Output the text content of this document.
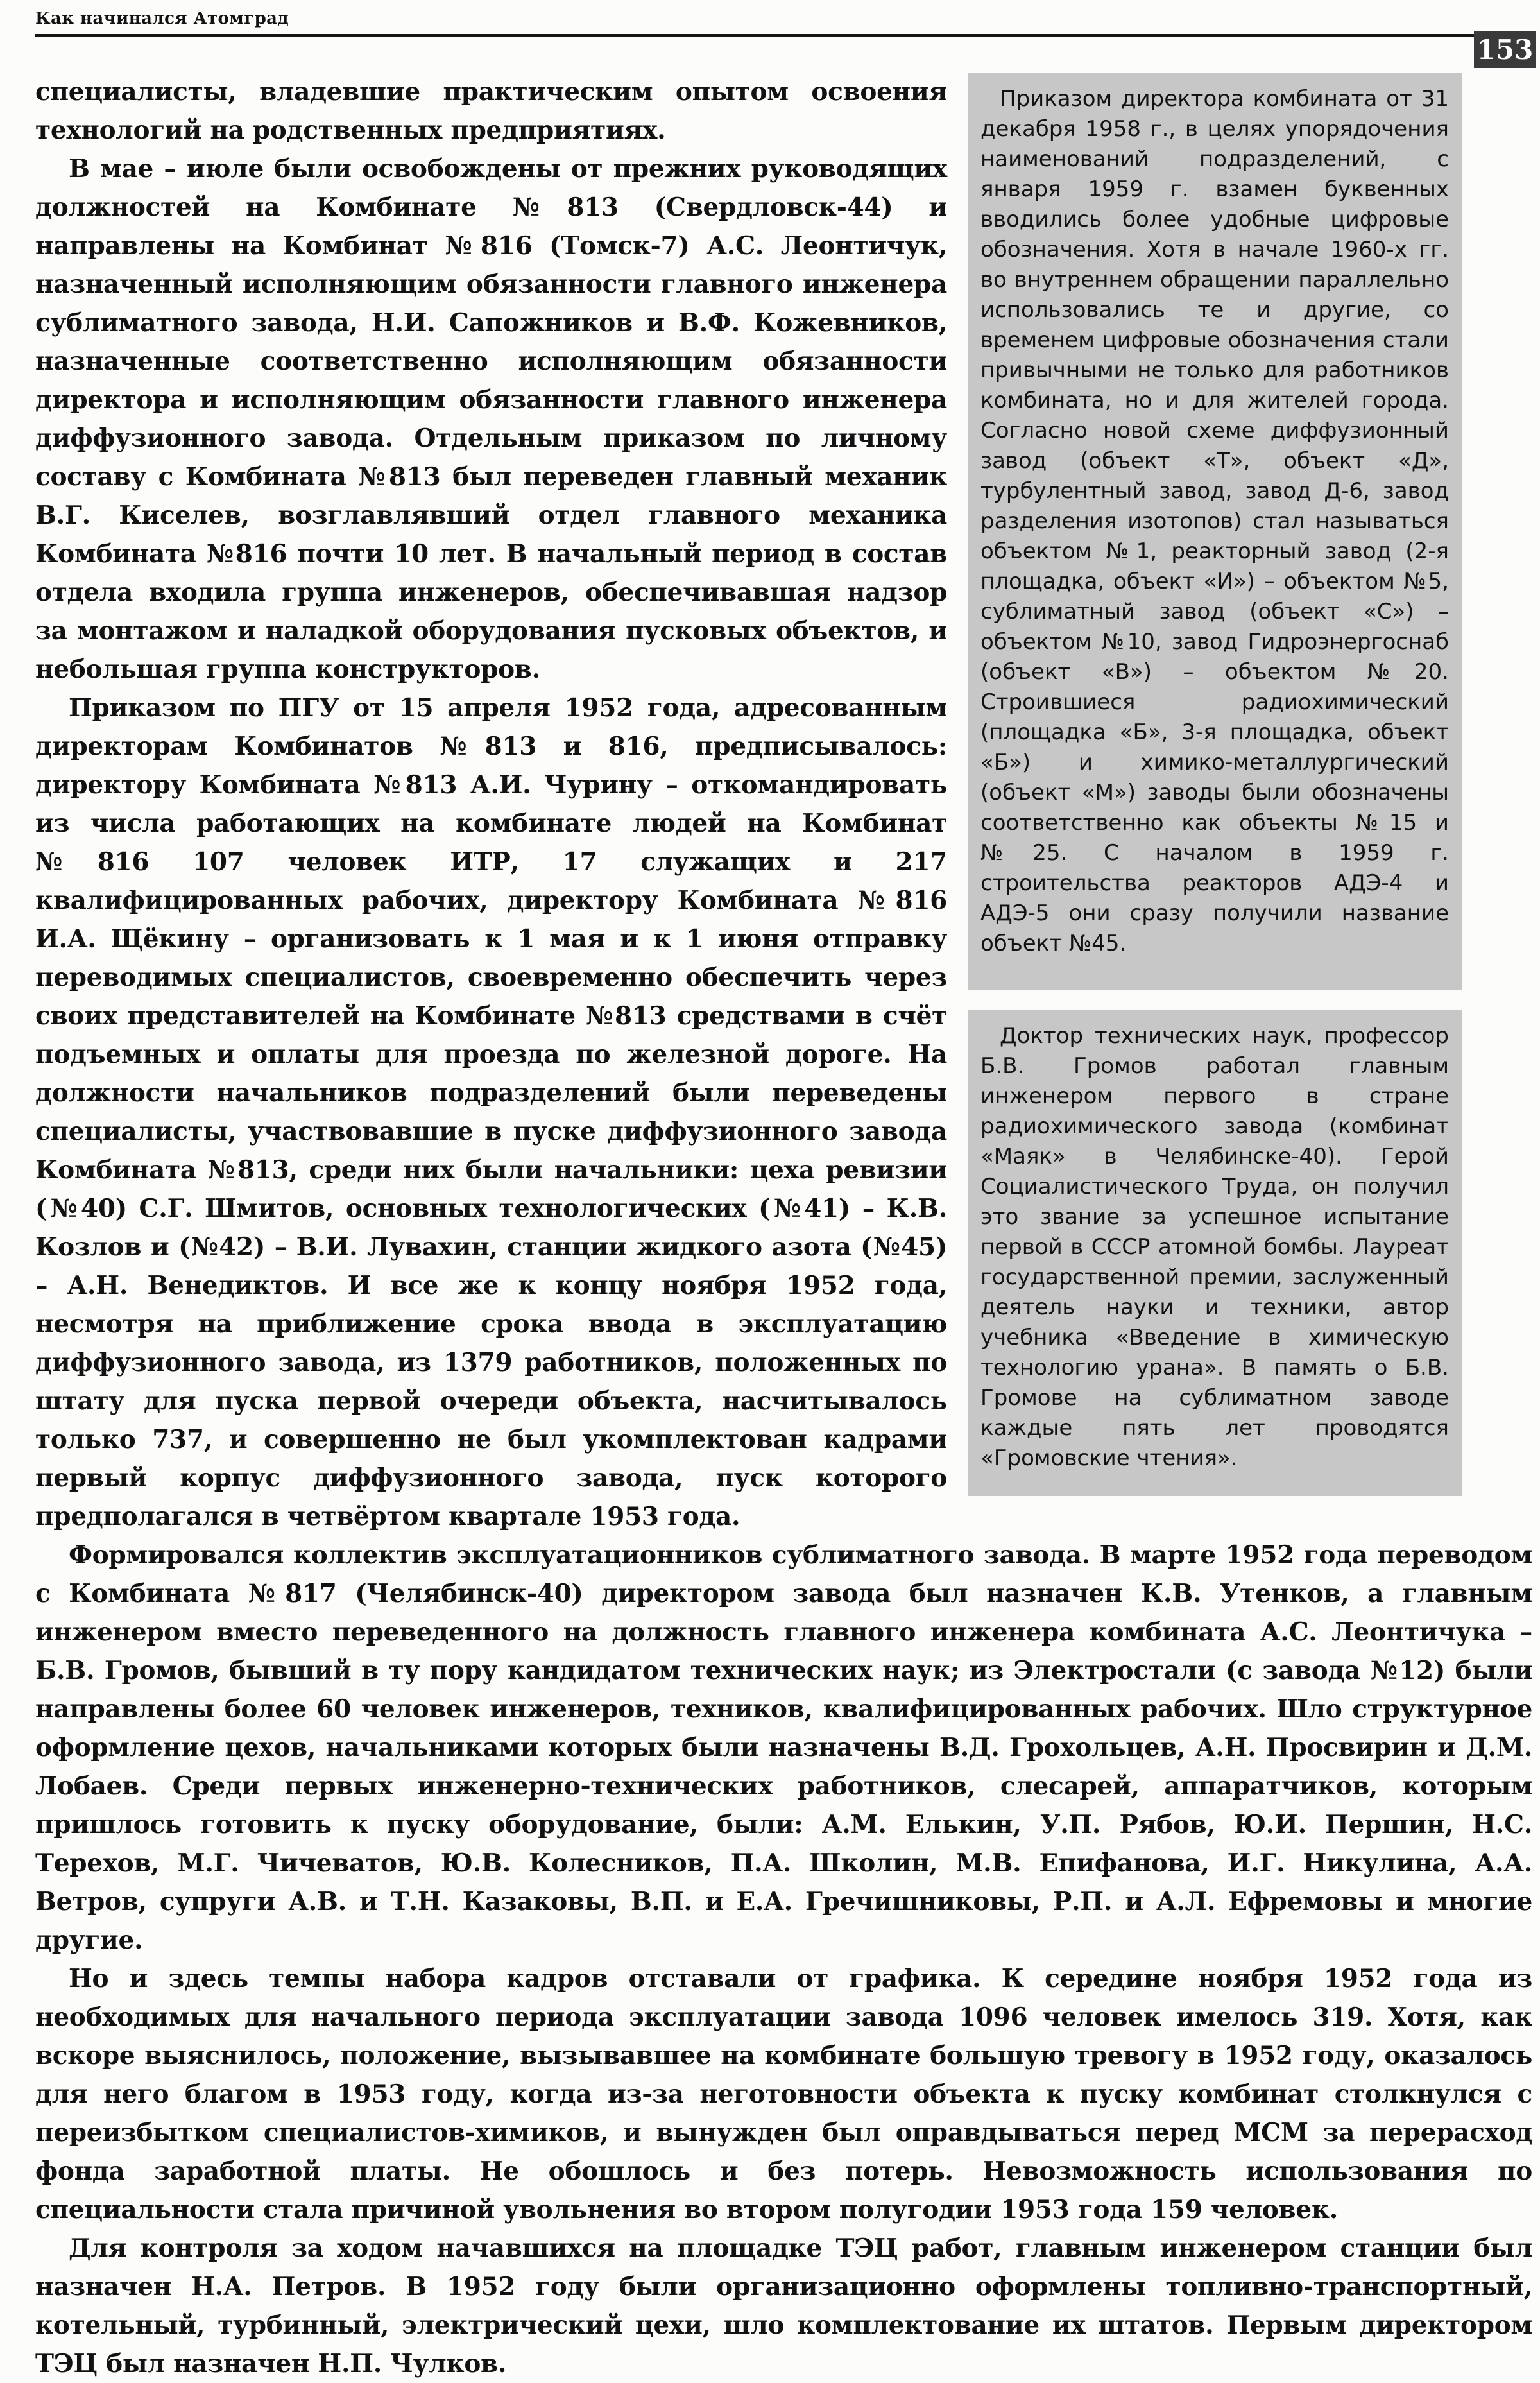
Как начинался Атомград
153

Приказом директора комбината от 31 декабря 1958 г., в целях упорядочения наименований подразделений, с января 1959 г. взамен буквенных вводились более удобные цифровые обозначения. Хотя в начале 1960-х гг. во внутреннем обращении параллельно использовались те и другие, со временем цифровые обозначения стали привычными не только для работников комбината, но и для жителей города. Согласно новой схеме диффузионный завод (объект «Т», объект «Д», турбулентный завод, завод Д-6, завод разделения изотопов) стал называться объектом №1, реакторный завод (2-я площадка, объект «И») – объектом №5, сублиматный завод (объект «С») – объектом №10, завод Гидроэнергоснаб (объект «В») – объектом №20. Строившиеся радиохимический (площадка «Б», 3-я площадка, объект «Б») и химико-металлургический (объект «М») заводы были обозначены соответственно как объекты №15 и №25. С началом в 1959 г. строительства реакторов АДЭ-4 и АДЭ-5 они сразу получили название объект №45.

Доктор технических наук, профессор Б.В. Громов работал главным инженером первого в стране радиохимического завода (комбинат «Маяк» в Челябинске-40). Герой Социалистического Труда, он получил это звание за успешное испытание первой в СССР атомной бомбы. Лауреат государственной премии, заслуженный деятель науки и техники, автор учебника «Введение в химическую технологию урана». В память о Б.В. Громове на сублиматном заводе каждые пять лет проводятся «Громовские чтения».

специалисты, владевшие практическим опытом освоения технологий на родственных предприятиях.

В мае – июле были освобождены от прежних руководящих должностей на Комбинате №813 (Свердловск-44) и направлены на Комбинат №816 (Томск-7) А.С. Леонтичук, назначенный исполняющим обязанности главного инженера сублиматного завода, Н.И. Сапожников и В.Ф. Кожевников, назначенные соответственно исполняющим обязанности директора и исполняющим обязанности главного инженера диффузионного завода. Отдельным приказом по личному составу с Комбината №813 был переведен главный механик В.Г. Киселев, возглавлявший отдел главного механика Комбината №816 почти 10 лет. В начальный период в состав отдела входила группа инженеров, обеспечивавшая надзор за монтажом и наладкой оборудования пусковых объектов, и небольшая группа конструкторов.

Приказом по ПГУ от 15 апреля 1952 года, адресованным директорам Комбинатов №813 и 816, предписывалось: директору Комбината №813 А.И. Чурину – откомандировать из числа работающих на комбинате людей на Комбинат №816 107 человек ИТР, 17 служащих и 217 квалифицированных рабочих, директору Комбината №816 И.А. Щёкину – организовать к 1 мая и к 1 июня отправку переводимых специалистов, своевременно обеспечить через своих представителей на Комбинате №813 средствами в счёт подъемных и оплаты для проезда по железной дороге. На должности начальников подразделений были переведены специалисты, участвовавшие в пуске диффузионного завода Комбината №813, среди них были начальники: цеха ревизии (№40) С.Г. Шмитов, основных технологических (№41) – К.В. Козлов и (№42) – В.И. Лувахин, станции жидкого азота (№45) – А.Н. Венедиктов. И все же к концу ноября 1952 года, несмотря на приближение срока ввода в эксплуатацию диффузионного завода, из 1379 работников, положенных по штату для пуска первой очереди объекта, насчитывалось только 737, и совершенно не был укомплектован кадрами первый корпус диффузионного завода, пуск которого предполагался в четвёртом квартале 1953 года.

Формировался коллектив эксплуатационников сублиматного завода. В марте 1952 года переводом с Комбината №817 (Челябинск-40) директором завода был назначен К.В. Утенков, а главным инженером вместо переведенного на должность главного инженера комбината А.С. Леонтичука – Б.В. Громов, бывший в ту пору кандидатом технических наук; из Электростали (с завода №12) были направлены более 60 человек инженеров, техников, квалифицированных рабочих. Шло структурное оформление цехов, начальниками которых были назначены В.Д. Грохольцев, А.Н. Просвирин и Д.М. Лобаев. Среди первых инженерно-технических работников, слесарей, аппаратчиков, которым пришлось готовить к пуску оборудование, были: А.М. Елькин, У.П. Рябов, Ю.И. Першин, Н.С. Терехов, М.Г. Чичеватов, Ю.В. Колесников, П.А. Школин, М.В. Епифанова, И.Г. Никулина, А.А. Ветров, супруги А.В. и Т.Н. Казаковы, В.П. и Е.А. Гречишниковы, Р.П. и А.Л. Ефремовы и многие другие.

Но и здесь темпы набора кадров отставали от графика. К середине ноября 1952 года из необходимых для начального периода эксплуатации завода 1096 человек имелось 319. Хотя, как вскоре выяснилось, положение, вызывавшее на комбинате большую тревогу в 1952 году, оказалось для него благом в 1953 году, когда из-за неготовности объекта к пуску комбинат столкнулся с переизбытком специалистов-химиков, и вынужден был оправдываться перед МСМ за перерасход фонда заработной платы. Не обошлось и без потерь. Невозможность использования по специальности стала причиной увольнения во втором полугодии 1953 года 159 человек.

Для контроля за ходом начавшихся на площадке ТЭЦ работ, главным инженером станции был назначен Н.А. Петров. В 1952 году были организационно оформлены топливно-транспортный, котельный, турбинный, электрический цехи, шло комплектование их штатов. Первым директором ТЭЦ был назначен Н.П. Чулков.
